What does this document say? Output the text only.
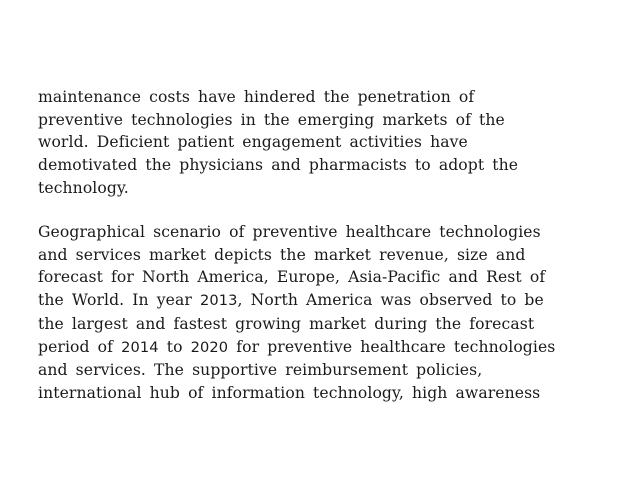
maintenance costs have hindered the penetration of
preventive technologies in the emerging markets of the
world. Deficient patient engagement activities have
demotivated the physicians and pharmacists to adopt the
technology.
Geographical scenario of preventive healthcare technologies
and services market depicts the market revenue, size and
forecast for North America, Europe, Asia-Pacific and Rest of
the World. In year 2013, North America was observed to be
the largest and fastest growing market during the forecast
period of 2014 to 2020 for preventive healthcare technologies
and services. The supportive reimbursement policies,
international hub of information technology, high awareness
